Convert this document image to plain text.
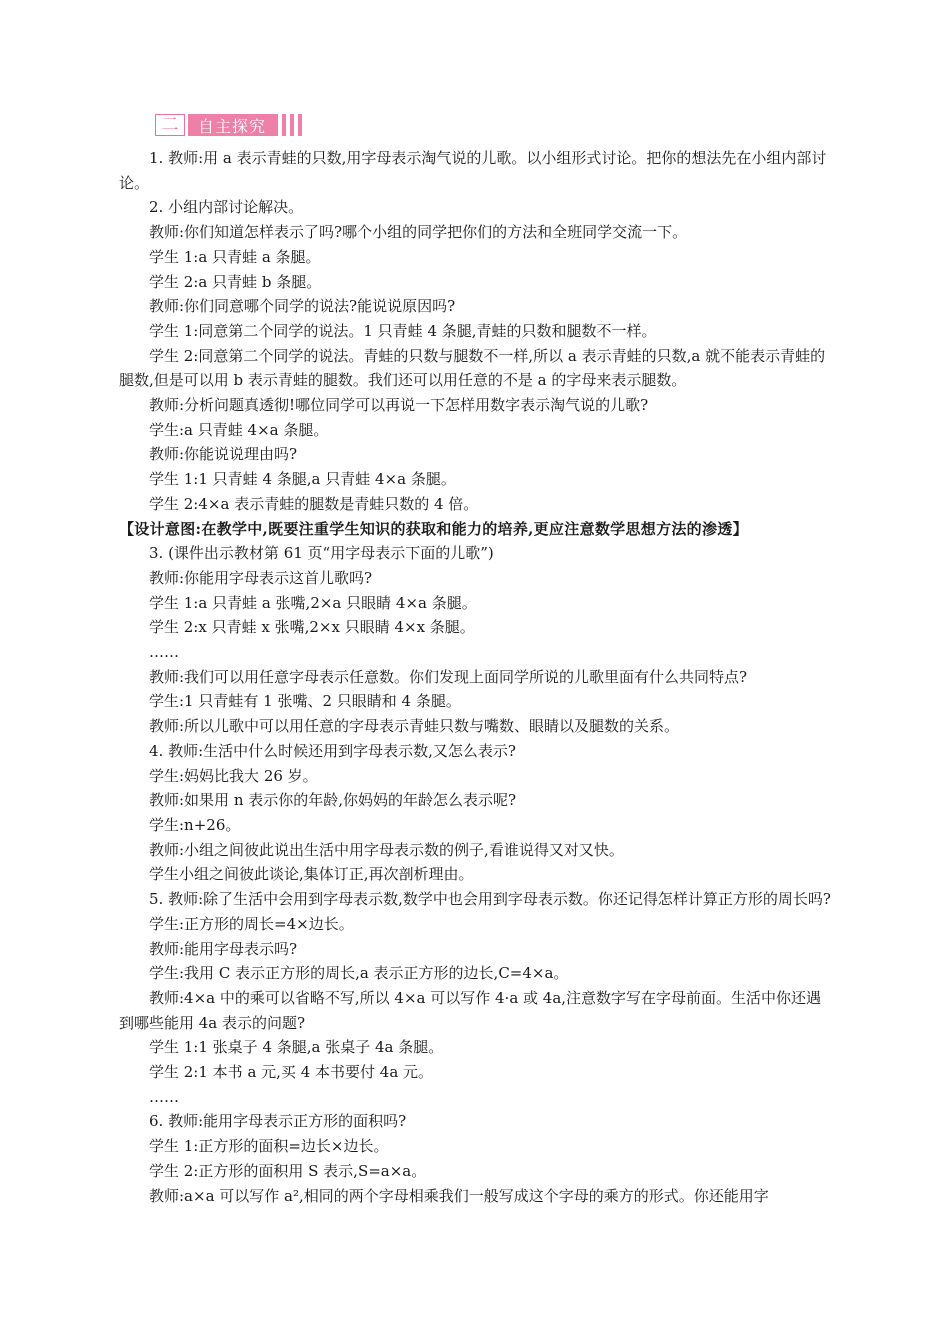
二	自主探究

1. 教师:用 a 表示青蛙的只数,用字母表示淘气说的儿歌。以小组形式讨论。把你的想法先在小组内部讨论。

2. 小组内部讨论解决。

教师:你们知道怎样表示了吗?哪个小组的同学把你们的方法和全班同学交流一下。

学生 1:a 只青蛙 a 条腿。

学生 2:a 只青蛙 b 条腿。

教师:你们同意哪个同学的说法?能说说原因吗?

学生 1:同意第二个同学的说法。1 只青蛙 4 条腿,青蛙的只数和腿数不一样。

学生 2:同意第二个同学的说法。青蛙的只数与腿数不一样,所以 a 表示青蛙的只数,a 就不能表示青蛙的腿数,但是可以用 b 表示青蛙的腿数。我们还可以用任意的不是 a 的字母来表示腿数。

教师:分析问题真透彻!哪位同学可以再说一下怎样用数字表示淘气说的儿歌?

学生:a 只青蛙 4×a 条腿。

教师:你能说说理由吗?

学生 1:1 只青蛙 4 条腿,a 只青蛙 4×a 条腿。

学生 2:4×a 表示青蛙的腿数是青蛙只数的 4 倍。

【设计意图:在教学中,既要注重学生知识的获取和能力的培养,更应注意数学思想方法的渗透】

3. (课件出示教材第 61 页“用字母表示下面的儿歌”)

教师:你能用字母表示这首儿歌吗?

学生 1:a 只青蛙 a 张嘴,2×a 只眼睛 4×a 条腿。

学生 2:x 只青蛙 x 张嘴,2×x 只眼睛 4×x 条腿。

……

教师:我们可以用任意字母表示任意数。你们发现上面同学所说的儿歌里面有什么共同特点?

学生:1 只青蛙有 1 张嘴、2 只眼睛和 4 条腿。

教师:所以儿歌中可以用任意的字母表示青蛙只数与嘴数、眼睛以及腿数的关系。

4. 教师:生活中什么时候还用到字母表示数,又怎么表示?

学生:妈妈比我大 26 岁。

教师:如果用 n 表示你的年龄,你妈妈的年龄怎么表示呢?

学生:n+26。

教师:小组之间彼此说出生活中用字母表示数的例子,看谁说得又对又快。

学生小组之间彼此谈论,集体订正,再次剖析理由。

5. 教师:除了生活中会用到字母表示数,数学中也会用到字母表示数。你还记得怎样计算正方形的周长吗?

学生:正方形的周长=4×边长。

教师:能用字母表示吗?

学生:我用 C 表示正方形的周长,a 表示正方形的边长,C=4×a。

教师:4×a 中的乘可以省略不写,所以 4×a 可以写作 4·a 或 4a,注意数字写在字母前面。生活中你还遇到哪些能用 4a 表示的问题?

学生 1:1 张桌子 4 条腿,a 张桌子 4a 条腿。

学生 2:1 本书 a 元,买 4 本书要付 4a 元。

……

6. 教师:能用字母表示正方形的面积吗?

学生 1:正方形的面积=边长×边长。

学生 2:正方形的面积用 S 表示,S=a×a。

教师:a×a 可以写作 a²,相同的两个字母相乘我们一般写成这个字母的乘方的形式。你还能用字
